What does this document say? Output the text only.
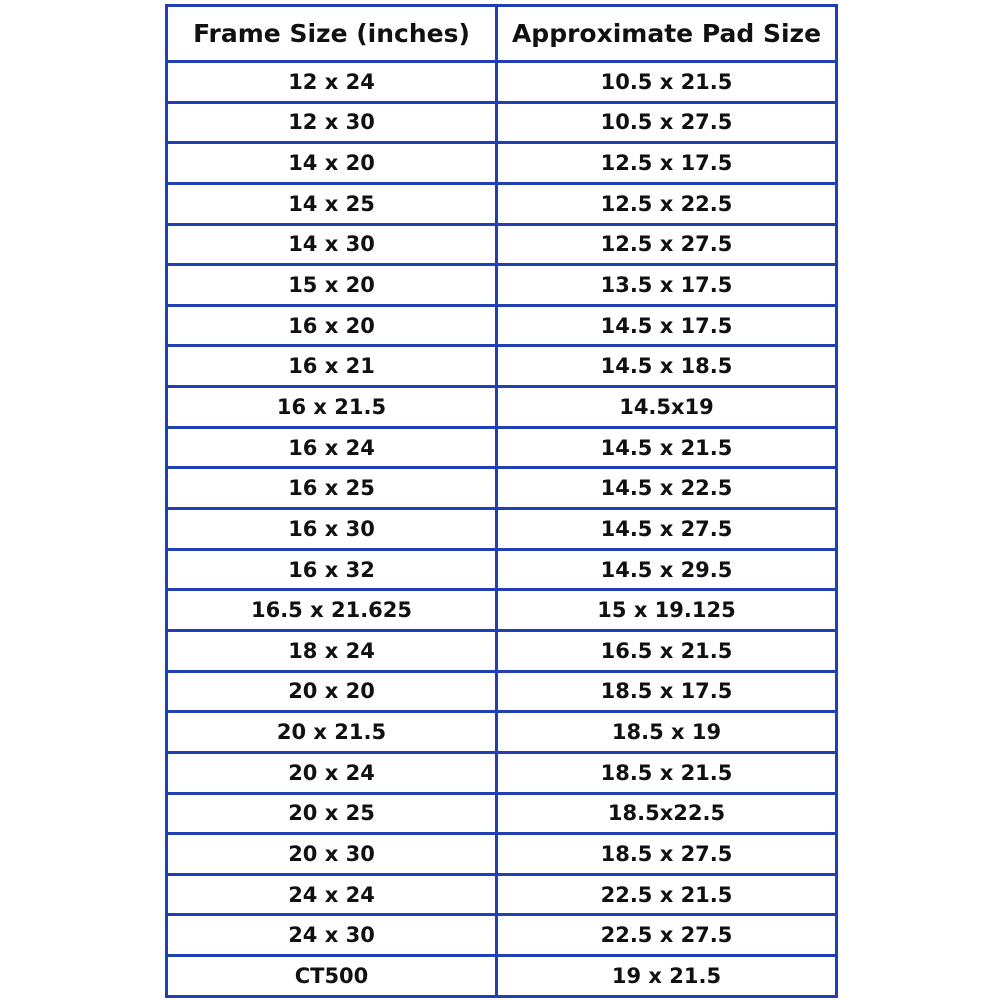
Frame Size (inches)	Approximate Pad Size
12 x 24	10.5 x 21.5
12 x 30	10.5 x 27.5
14 x 20	12.5 x 17.5
14 x 25	12.5 x 22.5
14 x 30	12.5 x 27.5
15 x 20	13.5 x 17.5
16 x 20	14.5 x 17.5
16 x 21	14.5 x 18.5
16 x 21.5	14.5x19
16 x 24	14.5 x 21.5
16 x 25	14.5 x 22.5
16 x 30	14.5 x 27.5
16 x 32	14.5 x 29.5
16.5 x 21.625	15 x 19.125
18 x 24	16.5 x 21.5
20 x 20	18.5 x 17.5
20 x 21.5	18.5 x 19
20 x 24	18.5 x 21.5
20 x 25	18.5x22.5
20 x 30	18.5 x 27.5
24 x 24	22.5 x 21.5
24 x 30	22.5 x 27.5
CT500	19 x 21.5
